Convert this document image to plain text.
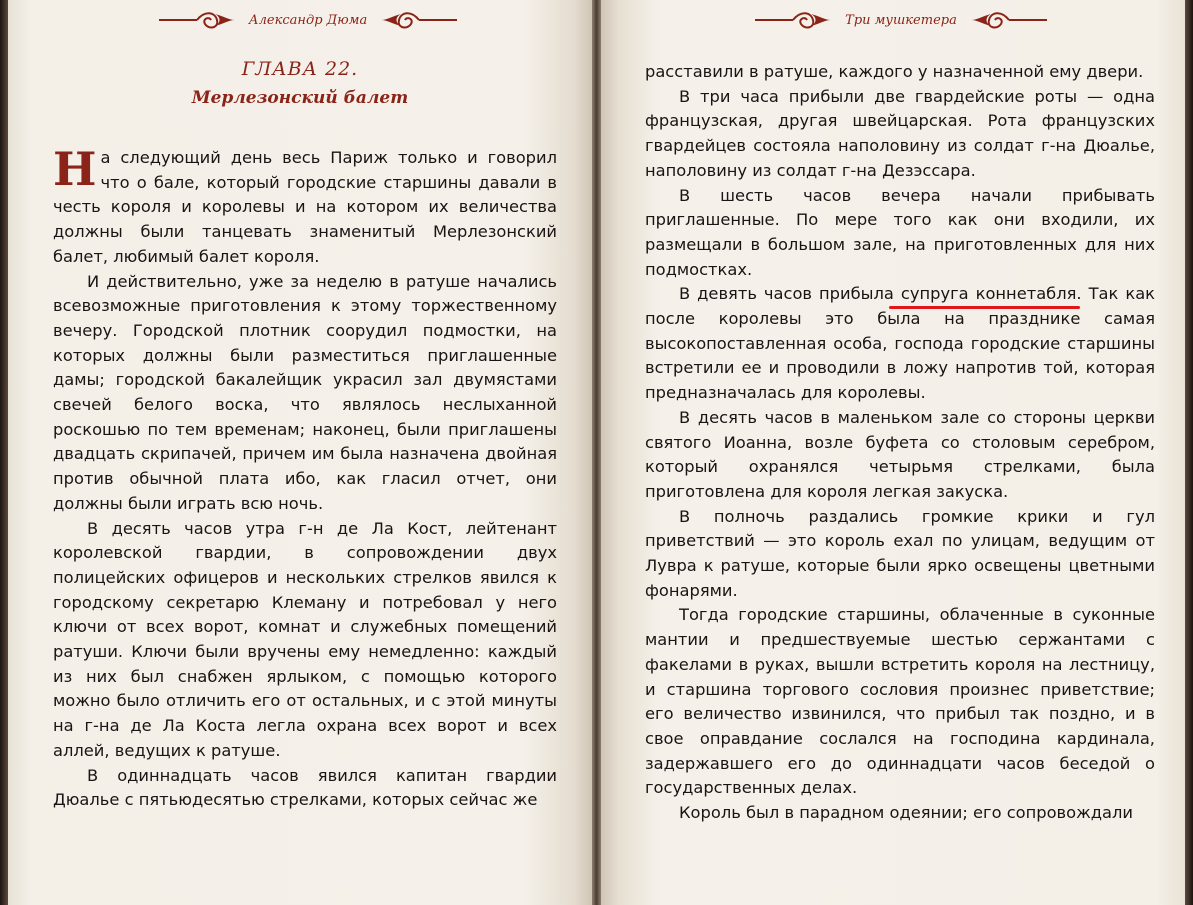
Александр Дюма
ГЛАВА 22.
Мерлезонский балет

На следующий день весь Париж только и говорил что о бале, который городские старшины давали в честь короля и королевы и на котором их величества должны были танцевать знаменитый Мерлезонский балет, любимый балет короля.

И действительно, уже за неделю в ратуше начались всевозможные приготовления к этому торжественному вечеру. Городской плотник соорудил подмостки, на которых должны были разместиться приглашенные дамы; городской бакалейщик украсил зал двумястами свечей белого воска, что являлось неслыханной роскошью по тем временам; наконец, были приглашены двадцать скрипачей, причем им была назначена двойная против обычной плата ибо, как гласил отчет, они должны были играть всю ночь.

В десять часов утра г-н де Ла Кост, лейтенант королевской гвардии, в сопровождении двух полицейских офицеров и нескольких стрелков явился к городскому секретарю Клеману и потребовал у него ключи от всех ворот, комнат и служебных помещений ратуши. Ключи были вручены ему немедленно: каждый из них был снабжен ярлыком, с помощью которого можно было отличить его от остальных, и с этой минуты на г-на де Ла Коста легла охрана всех ворот и всех аллей, ведущих к ратуше.

В одиннадцать часов явился капитан гвардии Дюалье с пятьюдесятью стрелками, которых сейчас же

Три мушкетера

расставили в ратуше, каждого у назначенной ему двери.

В три часа прибыли две гвардейские роты — одна французская, другая швейцарская. Рота французских гвардейцев состояла наполовину из солдат г-на Дюалье, наполовину из солдат г-на Дезэссара.

В шесть часов вечера начали прибывать приглашенные. По мере того как они входили, их размещали в большом зале, на приготовленных для них подмостках.

В девять часов прибыла супруга коннетабля. Так как после королевы это была на празднике самая высокопоставленная особа, господа городские старшины встретили ее и проводили в ложу напротив той, которая предназначалась для королевы.

В десять часов в маленьком зале со стороны церкви святого Иоанна, возле буфета со столовым серебром, который охранялся четырьмя стрелками, была приготовлена для короля легкая закуска.

В полночь раздались громкие крики и гул приветствий — это король ехал по улицам, ведущим от Лувра к ратуше, которые были ярко освещены цветными фонарями.

Тогда городские старшины, облаченные в суконные мантии и предшествуемые шестью сержантами с факелами в руках, вышли встретить короля на лестницу, и старшина торгового сословия произнес приветствие; его величество извинился, что прибыл так поздно, и в свое оправдание сослался на господина кардинала, задержавшего его до одиннадцати часов беседой о государственных делах.

Король был в парадном одеянии; его сопровождали
